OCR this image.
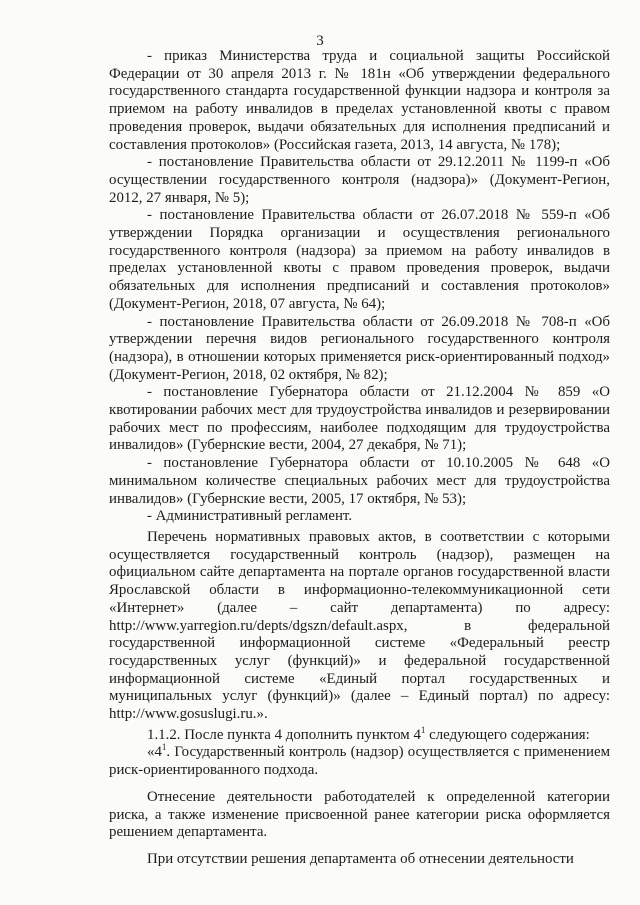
3

- приказ Министерства труда и социальной защиты Российской Федерации от 30 апреля 2013 г. № 181н «Об утверждении федерального государственного стандарта государственной функции надзора и контроля за приемом на работу инвалидов в пределах установленной квоты с правом проведения проверок, выдачи обязательных для исполнения предписаний и составления протоколов» (Российская газета, 2013, 14 августа, № 178);

- постановление Правительства области от 29.12.2011 № 1199-п «Об осуществлении государственного контроля (надзора)» (Документ-Регион, 2012, 27 января, № 5);

- постановление Правительства области от 26.07.2018 № 559-п «Об утверждении Порядка организации и осуществления регионального государственного контроля (надзора) за приемом на работу инвалидов в пределах установленной квоты с правом проведения проверок, выдачи обязательных для исполнения предписаний и составления протоколов» (Документ-Регион, 2018, 07 августа, № 64);

- постановление Правительства области от 26.09.2018 № 708-п «Об утверждении перечня видов регионального государственного контроля (надзора), в отношении которых применяется риск-ориентированный подход» (Документ-Регион, 2018, 02 октября, № 82);

- постановление Губернатора области от 21.12.2004 № 859 «О квотировании рабочих мест для трудоустройства инвалидов и резервировании рабочих мест по профессиям, наиболее подходящим для трудоустройства инвалидов» (Губернские вести, 2004, 27 декабря, № 71);

- постановление Губернатора области от 10.10.2005 № 648 «О минимальном количестве специальных рабочих мест для трудоустройства инвалидов» (Губернские вести, 2005, 17 октября, № 53);

- Административный регламент.

Перечень нормативных правовых актов, в соответствии с которыми осуществляется государственный контроль (надзор), размещен на официальном сайте департамента на портале органов государственной власти Ярославской области в информационно-телекоммуникационной сети «Интернет» (далее – сайт департамента) по адресу: http://www.yarregion.ru/depts/dgszn/default.aspx, в федеральной государственной информационной системе «Федеральный реестр государственных услуг (функций)» и федеральной государственной информационной системе «Единый портал государственных и муниципальных услуг (функций)» (далее – Единый портал) по адресу: http://www.gosuslugi.ru.».

1.1.2. После пункта 4 дополнить пунктом $4^1$ следующего содержания:

«$4^1$. Государственный контроль (надзор) осуществляется с применением риск-ориентированного подхода.

Отнесение деятельности работодателей к определенной категории риска, а также изменение присвоенной ранее категории риска оформляется решением департамента.

При отсутствии решения департамента об отнесении деятельности
